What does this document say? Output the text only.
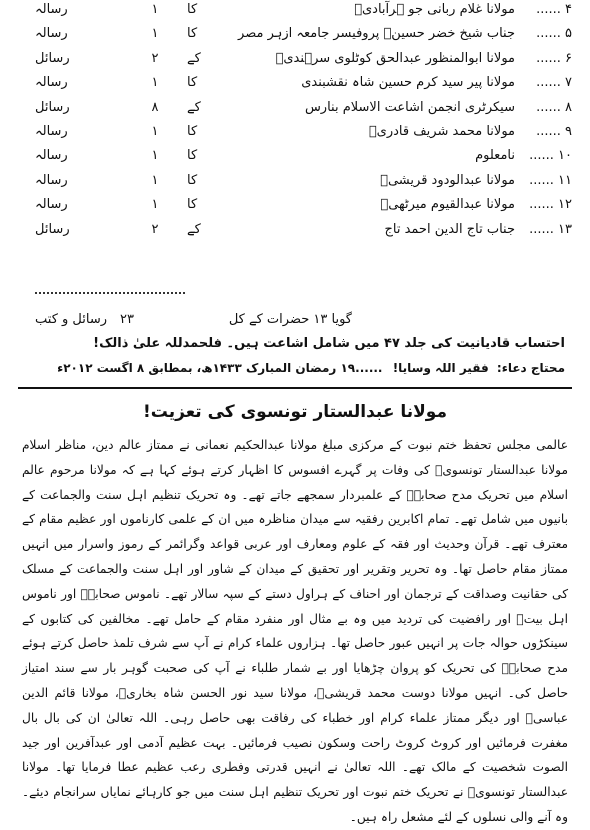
۴ ......
مولانا غلام ربانی جو ہرآبادیؒ
کا
۱
رسالہ
۵ ......
جناب شیخ خضر حسینؒ پروفیسر جامعہ ازہر مصر
کا
۱
رسالہ
۶ ......
مولانا ابوالمنظور عبدالحق کوٹلوی سرہندیؒ
کے
۲
رسائل
۷ ......
مولانا پیر سید کرم حسین شاہ نقشبندی
کا
۱
رسالہ
۸ ......
سیکرٹری انجمن اشاعت الاسلام بنارس
کے
۸
رسائل
۹ ......
مولانا محمد شریف قادریؒ
کا
۱
رسالہ
۱۰ ......
نامعلوم
کا
۱
رسالہ
۱۱ ......
مولانا عبدالودود قریشیؒ
کا
۱
رسالہ
۱۲ ......
مولانا عبدالقیوم میرٹھیؒ
کا
۱
رسالہ
۱۳ ......
جناب تاج الدین احمد تاج
کے
۲
رسائل
گویا ۱۳ حضرات کے کل
۲۳
رسائل و کتب
احتساب قادیانیت کی جلد ۴۷ میں شامل اشاعت ہیں۔ فلحمدللہ علیٰ ذالک!
محتاج دعاء: فقیر اللہ وسایا! ......۱۹ رمضان المبارک ۱۴۳۳ھ، بمطابق ۸ اگست ۲۰۱۲ء
مولانا عبدالستار تونسوی کی تعزیت!
عالمی مجلس تحفظ ختم نبوت کے مرکزی مبلغ مولانا عبدالحکیم نعمانی نے ممتاز عالم دین، مناظر اسلام مولانا عبدالستار تونسویؒ کی وفات پر گہرے افسوس کا اظہار کرتے ہوئے کہا ہے کہ مولانا مرحوم عالم اسلام میں تحریک مدح صحابہؓ کے علمبردار سمجھے جاتے تھے۔ وہ تحریک تنظیم اہل سنت والجماعت کے بانیوں میں شامل تھے۔ تمام اکابرین رفقیہ سے میدان مناظرہ میں ان کے علمی کارناموں اور عظیم مقام کے معترف تھے۔ قرآن وحدیث اور فقہ کے علوم ومعارف اور عربی قواعد وگرائمر کے رموز واسرار میں انہیں ممتاز مقام حاصل تھا۔ وہ تحریر وتقریر اور تحقیق کے میدان کے شاور اور اہل سنت والجماعت کے مسلک کی حقانیت وصداقت کے ترجمان اور احناف کے ہراول دستے کے سپہ سالار تھے۔ ناموس صحابہؓ اور ناموس اہل بیتؓ اور رافضیت کی تردید میں وہ بے مثال اور منفرد مقام کے حامل تھے۔ مخالفین کی کتابوں کے سینکڑوں حوالہ جات پر انہیں عبور حاصل تھا۔ ہزاروں علماء کرام نے آپ سے شرف تلمذ حاصل کرتے ہوئے مدح صحابہؓ کی تحریک کو پروان چڑھایا اور بے شمار طلباء نے آپ کی صحبت گوہر بار سے سند امتیاز حاصل کی۔ انہیں مولانا دوست محمد قریشیؒ، مولانا سید نور الحسن شاہ بخاریؒ، مولانا قائم الدین عباسیؒ اور دیگر ممتاز علماء کرام اور خطباء کی رفاقت بھی حاصل رہی۔ اللہ تعالیٰ ان کی بال بال مغفرت فرمائیں اور کروٹ کروٹ راحت وسکون نصیب فرمائیں۔ بہت عظیم آدمی اور عبدآفرین اور جید الصوت شخصیت کے مالک تھے۔ اللہ تعالیٰ نے انہیں قدرتی وفطری رعب عظیم عطا فرمایا تھا۔ مولانا عبدالستار تونسویؒ نے تحریک ختم نبوت اور تحریک تنظیم اہل سنت میں جو کارہائے نمایاں سرانجام دیئے۔ وہ آنے والی نسلوں کے لئے مشعل راہ ہیں۔
